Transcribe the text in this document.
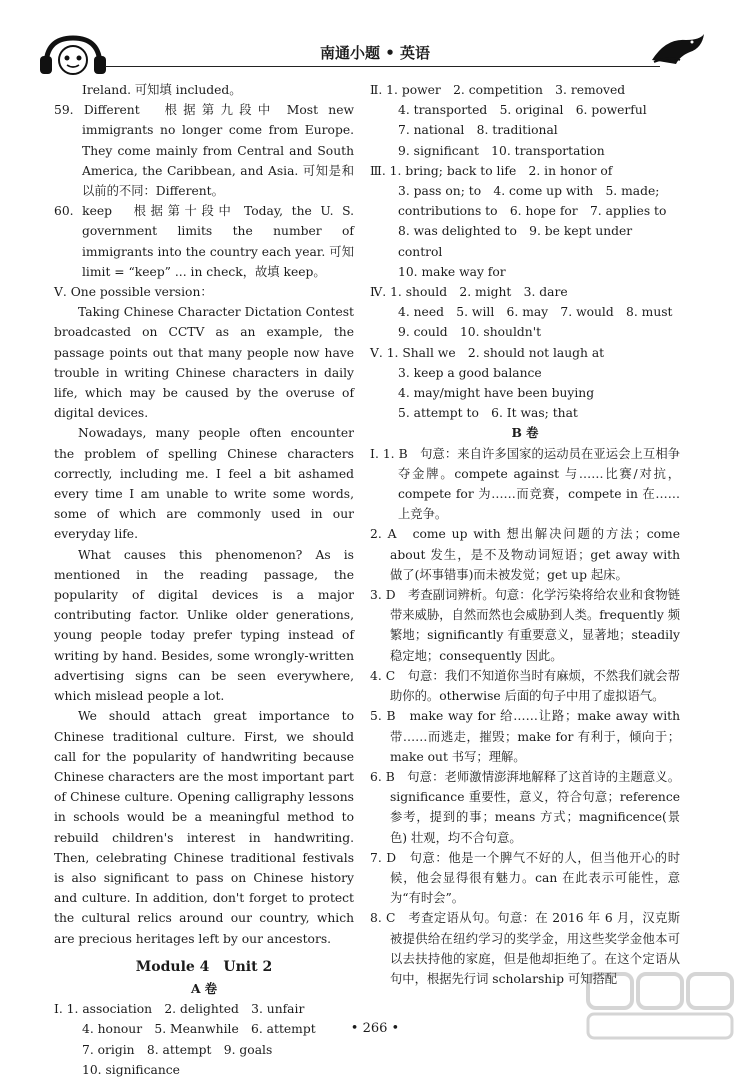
南通小题 • 英语

Ireland. 可知填 included。

59. Different　根据第九段中 Most new immigrants no longer come from Europe. They come mainly from Central and South America, the Caribbean, and Asia. 可知是和以前的不同：Different。

60. keep　根据第十段中 Today, the U. S. government limits the number of immigrants into the country each year. 可知 limit = “keep” ... in check，故填 keep。

Ⅴ. One possible version：

Taking Chinese Character Dictation Contest broadcasted on CCTV as an example, the passage points out that many people now have trouble in writing Chinese characters in daily life, which may be caused by the overuse of digital devices.

Nowadays, many people often encounter the problem of spelling Chinese characters correctly, including me. I feel a bit ashamed every time I am unable to write some words, some of which are commonly used in our everyday life.

What causes this phenomenon? As is mentioned in the reading passage, the popularity of digital devices is a major contributing factor. Unlike older generations, young people today prefer typing instead of writing by hand. Besides, some wrongly-written advertising signs can be seen everywhere, which mislead people a lot.

We should attach great importance to Chinese traditional culture. First, we should call for the popularity of handwriting because Chinese characters are the most important part of Chinese culture. Opening calligraphy lessons in schools would be a meaningful method to rebuild children's interest in handwriting. Then, celebrating Chinese traditional festivals is also significant to pass on Chinese history and culture. In addition, don't forget to protect the cultural relics around our country, which are precious heritages left by our ancestors.

Module 4　Unit 2

A 卷

Ⅰ. 1. association　2. delighted　3. unfair

4. honour　5. Meanwhile　6. attempt

7. origin　8. attempt　9. goals

10. significance

Ⅱ. 1. power　2. competition　3. removed

4. transported　5. original　6. powerful

7. national　8. traditional

9. significant　10. transportation

Ⅲ. 1. bring; back to life　2. in honor of

3. pass on; to　4. come up with　5. made; contributions to　6. hope for　7. applies to

8. was delighted to　9. be kept under control

10. make way for

Ⅳ. 1. should　2. might　3. dare

4. need　5. will　6. may　7. would　8. must

9. could　10. shouldn't

Ⅴ. 1. Shall we　2. should not laugh at

3. keep a good balance

4. may/might have been buying

5. attempt to　6. It was; that

B 卷

Ⅰ. 1. B　句意：来自许多国家的运动员在亚运会上互相争夺金牌。compete against 与……比赛/对抗，compete for 为……而竞赛，compete in 在……上竞争。

2. A　come up with 想出解决问题的方法；come about 发生，是不及物动词短语；get away with 做了(坏事错事)而未被发觉；get up 起床。

3. D　考查副词辨析。句意：化学污染将给农业和食物链带来威胁，自然而然也会威胁到人类。frequently 频繁地；significantly 有重要意义，显著地；steadily 稳定地；consequently 因此。

4. C　句意：我们不知道你当时有麻烦，不然我们就会帮助你的。otherwise 后面的句子中用了虚拟语气。

5. B　make way for 给……让路；make away with 带……而逃走，摧毁；make for 有利于，倾向于；make out 书写；理解。

6. B　句意：老师激情澎湃地解释了这首诗的主题意义。significance 重要性，意义，符合句意；reference 参考，提到的事；means 方式；magnificence(景色) 壮观，均不合句意。

7. D　句意：他是一个脾气不好的人，但当他开心的时候，他会显得很有魅力。can 在此表示可能性，意为“有时会”。

8. C　考查定语从句。句意：在 2016 年 6 月，汉克斯被提供给在纽约学习的奖学金，用这些奖学金他本可以去扶持他的家庭，但是他却拒绝了。在这个定语从句中，根据先行词 scholarship 可知搭配

• 266 •
